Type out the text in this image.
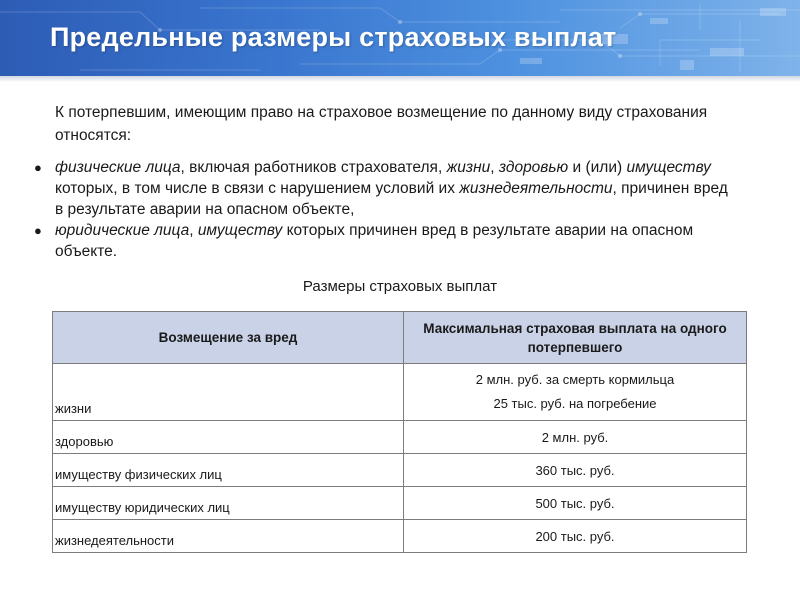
Предельные размеры страховых выплат
К потерпевшим, имеющим право на страховое возмещение по данному виду страхования относятся:
● физические лица, включая работников страхователя, жизни, здоровью и (или) имуществу которых, в том числе в связи с нарушением условий их жизнедеятельности, причинен вред в результате аварии на опасном объекте,
● юридические лица, имуществу которых причинен вред в результате аварии на опасном объекте.
Размеры страховых выплат
Возмещение за вред	Максимальная страховая выплата на одного потерпевшего
жизни	2 млн. руб. за смерть кормильца
25 тыс. руб. на погребение

здоровью	2 млн. руб.
имуществу физических лиц	360 тыс. руб.
имуществу юридических лиц	500 тыс. руб.
жизнедеятельности	200 тыс. руб.
